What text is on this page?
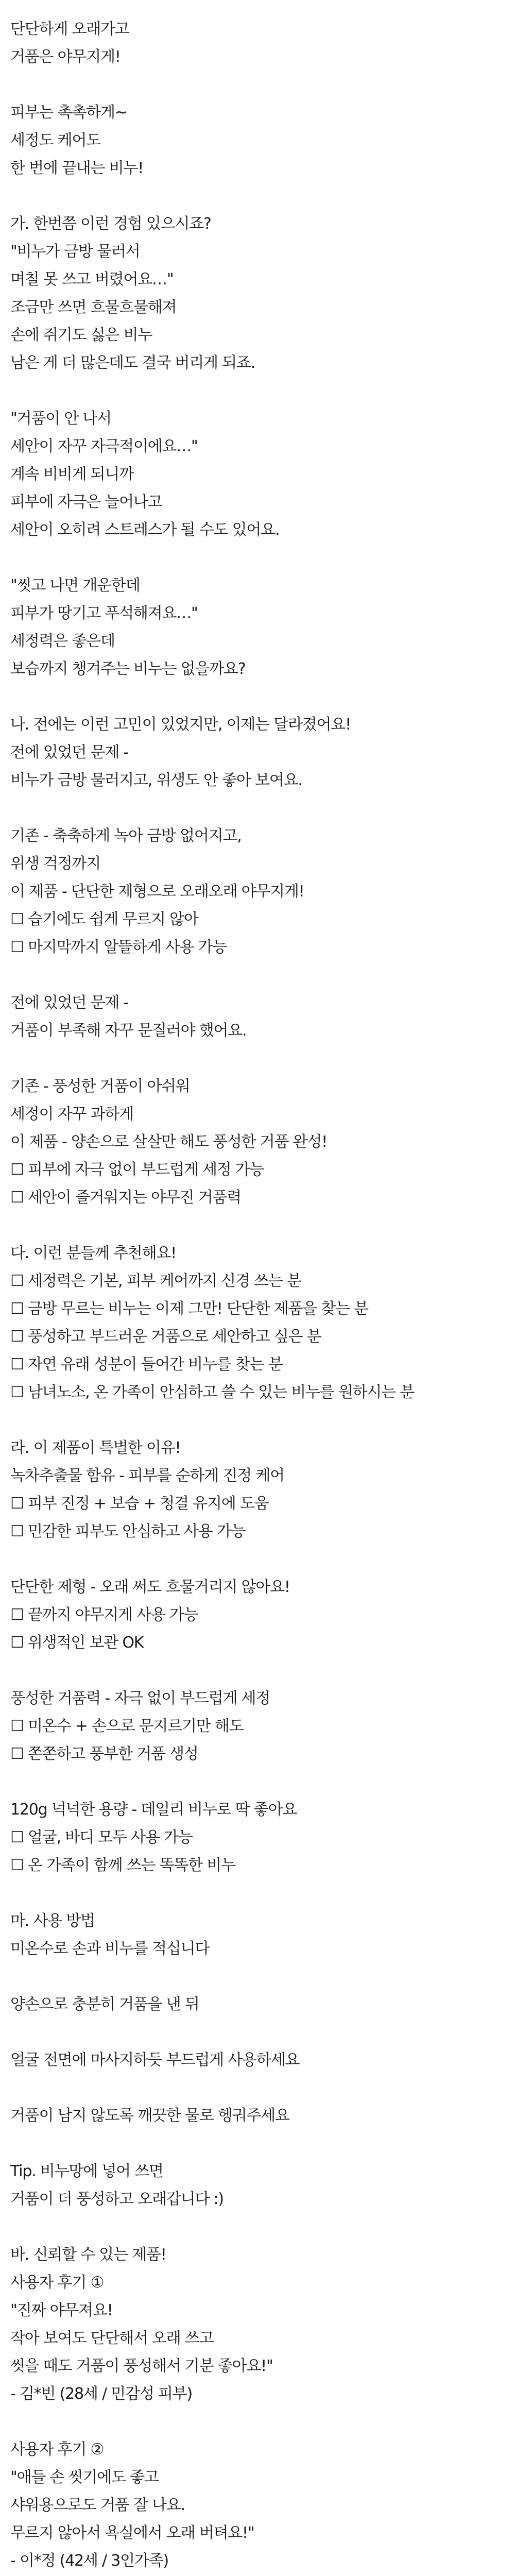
단단하게 오래가고
거품은 야무지게!
피부는 촉촉하게~
세정도 케어도
한 번에 끝내는 비누!
가. 한번쯤 이런 경험 있으시죠?
"비누가 금방 물러서
며칠 못 쓰고 버렸어요…"
조금만 쓰면 흐물흐물해져
손에 쥐기도 싫은 비누
남은 게 더 많은데도 결국 버리게 되죠.
"거품이 안 나서
세안이 자꾸 자극적이에요…"
계속 비비게 되니까
피부에 자극은 늘어나고
세안이 오히려 스트레스가 될 수도 있어요.
"씻고 나면 개운한데
피부가 땅기고 푸석해져요…"
세정력은 좋은데
보습까지 챙겨주는 비누는 없을까요?
나. 전에는 이런 고민이 있었지만, 이제는 달라졌어요!
전에 있었던 문제 -
비누가 금방 물러지고, 위생도 안 좋아 보여요.
기존 - 축축하게 녹아 금방 없어지고,
위생 걱정까지
이 제품 - 단단한 제형으로 오래오래 야무지게!
☐ 습기에도 쉽게 무르지 않아
☐ 마지막까지 알뜰하게 사용 가능
전에 있었던 문제 -
거품이 부족해 자꾸 문질러야 했어요.
기존 - 풍성한 거품이 아쉬워
세정이 자꾸 과하게
이 제품 - 양손으로 살살만 해도 풍성한 거품 완성!
☐ 피부에 자극 없이 부드럽게 세정 가능
☐ 세안이 즐거워지는 야무진 거품력
다. 이런 분들께 추천해요!
☐ 세정력은 기본, 피부 케어까지 신경 쓰는 분
☐ 금방 무르는 비누는 이제 그만! 단단한 제품을 찾는 분
☐ 풍성하고 부드러운 거품으로 세안하고 싶은 분
☐ 자연 유래 성분이 들어간 비누를 찾는 분
☐ 남녀노소, 온 가족이 안심하고 쓸 수 있는 비누를 원하시는 분
라. 이 제품이 특별한 이유!
녹차추출물 함유 - 피부를 순하게 진정 케어
☐ 피부 진정 + 보습 + 청결 유지에 도움
☐ 민감한 피부도 안심하고 사용 가능
단단한 제형 - 오래 써도 흐물거리지 않아요!
☐ 끝까지 야무지게 사용 가능
☐ 위생적인 보관 OK
풍성한 거품력 - 자극 없이 부드럽게 세정
☐ 미온수 + 손으로 문지르기만 해도
☐ 쫀쫀하고 풍부한 거품 생성
120g 넉넉한 용량 - 데일리 비누로 딱 좋아요
☐ 얼굴, 바디 모두 사용 가능
☐ 온 가족이 함께 쓰는 똑똑한 비누
마. 사용 방법
미온수로 손과 비누를 적십니다
양손으로 충분히 거품을 낸 뒤
얼굴 전면에 마사지하듯 부드럽게 사용하세요
거품이 남지 않도록 깨끗한 물로 헹궈주세요
Tip. 비누망에 넣어 쓰면
거품이 더 풍성하고 오래갑니다 :)
바. 신뢰할 수 있는 제품!
사용자 후기 ①
"진짜 야무져요!
작아 보여도 단단해서 오래 쓰고
씻을 때도 거품이 풍성해서 기분 좋아요!"
- 김*빈 (28세 / 민감성 피부)
사용자 후기 ②
"애들 손 씻기에도 좋고
샤워용으로도 거품 잘 나요.
무르지 않아서 욕실에서 오래 버텨요!"
- 이*정 (42세 / 3인가족)
